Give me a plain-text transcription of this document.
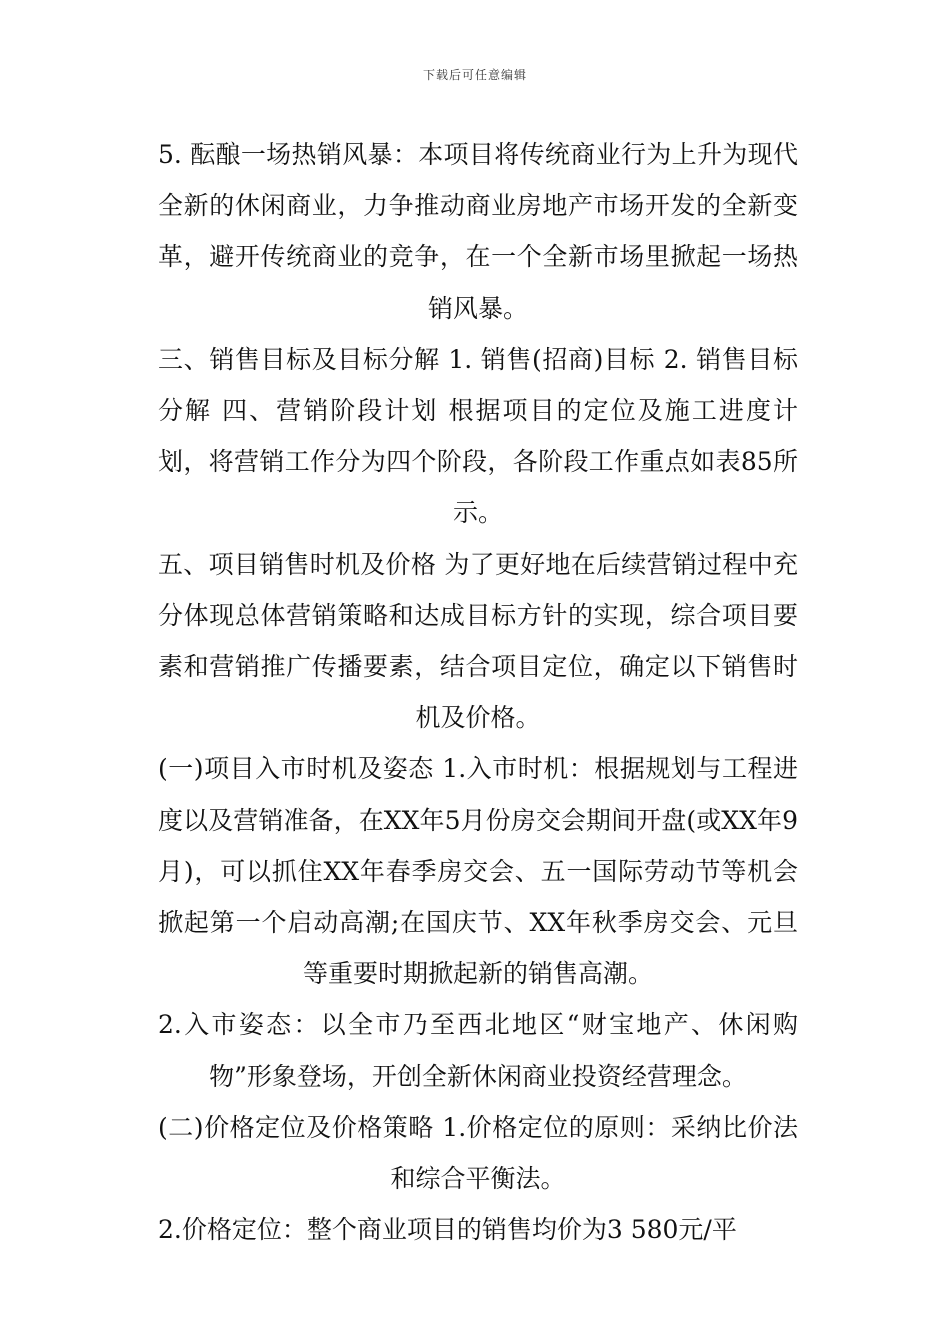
下载后可任意编辑

5. 酝酿一场热销风暴：本项目将传统商业行为上升为现代全新的休闲商业，力争推动商业房地产市场开发的全新变革，避开传统商业的竞争，在一个全新市场里掀起一场热销风暴。

三、销售目标及目标分解 1. 销售(招商)目标 2. 销售目标分解 四、营销阶段计划 根据项目的定位及施工进度计划，将营销工作分为四个阶段，各阶段工作重点如表85所示。

五、项目销售时机及价格 为了更好地在后续营销过程中充分体现总体营销策略和达成目标方针的实现，综合项目要素和营销推广传播要素，结合项目定位，确定以下销售时机及价格。

(一)项目入市时机及姿态 1.入市时机：根据规划与工程进度以及营销准备，在XX年5月份房交会期间开盘(或XX年9月)，可以抓住XX年春季房交会、五一国际劳动节等机会掀起第一个启动高潮;在国庆节、XX年秋季房交会、元旦等重要时期掀起新的销售高潮。

2.入市姿态：以全市乃至西北地区“财宝地产、休闲购物”形象登场，开创全新休闲商业投资经营理念。

(二)价格定位及价格策略 1.价格定位的原则：采纳比价法和综合平衡法。

2.价格定位：整个商业项目的销售均价为3 580元/平
